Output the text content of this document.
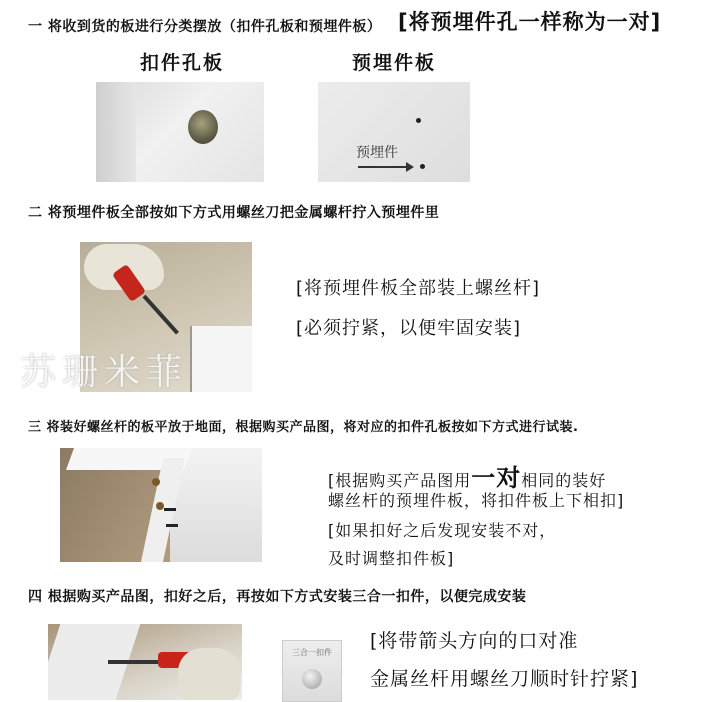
一 将收到货的板进行分类摆放（扣件孔板和预埋件板） [将预埋件孔一样称为一对]
扣件孔板	预埋件板
预埋件
二 将预埋件板全部按如下方式用螺丝刀把金属螺杆拧入预埋件里
苏珊米菲
[将预埋件板全部装上螺丝杆]
[必须拧紧，以便牢固安装]
三 将装好螺丝杆的板平放于地面，根据购买产品图，将对应的扣件孔板按如下方式进行试装.
[根据购买产品图用一对相同的装好
螺丝杆的预埋件板，将扣件板上下相扣]
[如果扣好之后发现安装不对，
及时调整扣件板]
四 根据购买产品图，扣好之后，再按如下方式安装三合一扣件，以便完成安装
三合一扣件
[将带箭头方向的口对准
金属丝杆用螺丝刀顺时针拧紧]
